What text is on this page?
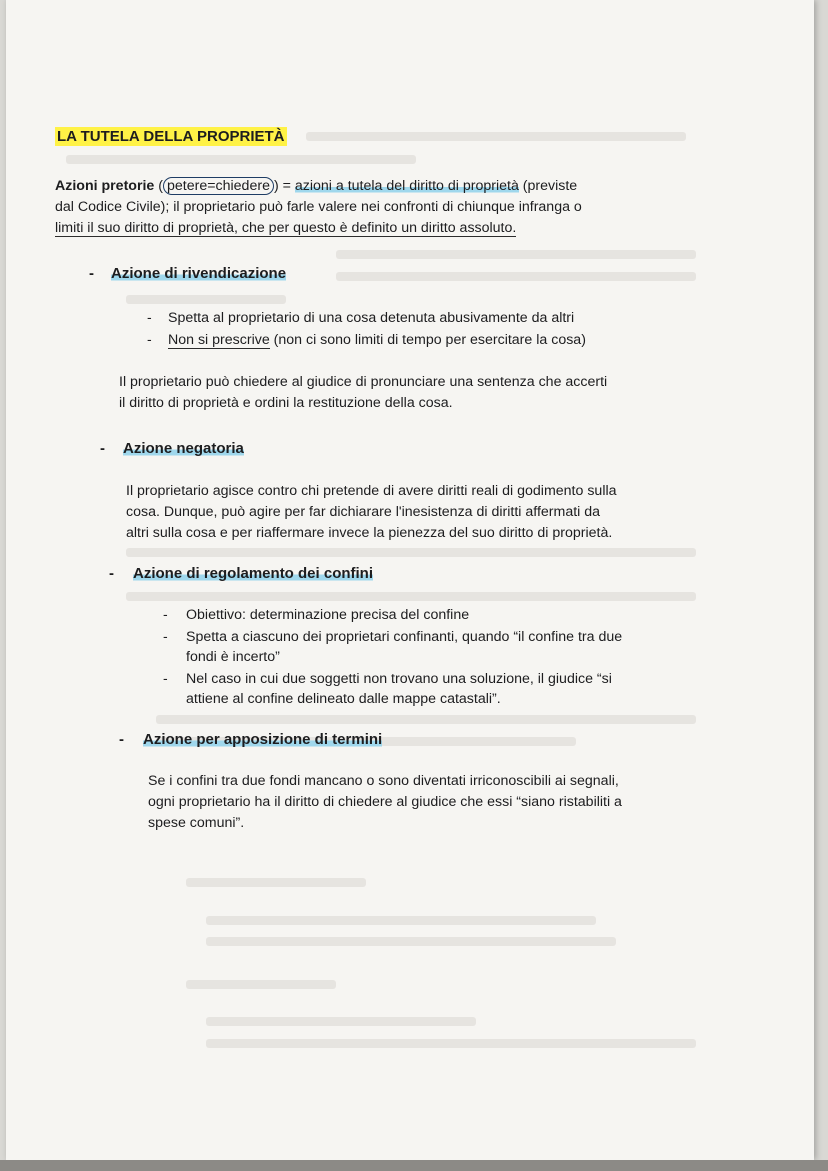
LA TUTELA DELLA PROPRIETÀ
Azioni pretorie ( petere=chiedere ) = azioni a tutela del diritto di proprietà (previste
dal Codice Civile); il proprietario può farle valere nei confronti di chiunque infranga o
limiti il suo diritto di proprietà, che per questo è definito un diritto assoluto.
- Azione di rivendicazione
- Spetta al proprietario di una cosa detenuta abusivamente da altri
- Non si prescrive (non ci sono limiti di tempo per esercitare la cosa)
Il proprietario può chiedere al giudice di pronunciare una sentenza che accerti
il diritto di proprietà e ordini la restituzione della cosa.
- Azione negatoria
Il proprietario agisce contro chi pretende di avere diritti reali di godimento sulla
cosa. Dunque, può agire per far dichiarare l'inesistenza di diritti affermati da
altri sulla cosa e per riaffermare invece la pienezza del suo diritto di proprietà.
- Azione di regolamento dei confini
- Obiettivo: determinazione precisa del confine
- Spetta a ciascuno dei proprietari confinanti, quando “il confine tra due
fondi è incerto”
- Nel caso in cui due soggetti non trovano una soluzione, il giudice “si
attiene al confine delineato dalle mappe catastali”.
- Azione per apposizione di termini
Se i confini tra due fondi mancano o sono diventati irriconoscibili ai segnali,
ogni proprietario ha il diritto di chiedere al giudice che essi “siano ristabiliti a
spese comuni”.
